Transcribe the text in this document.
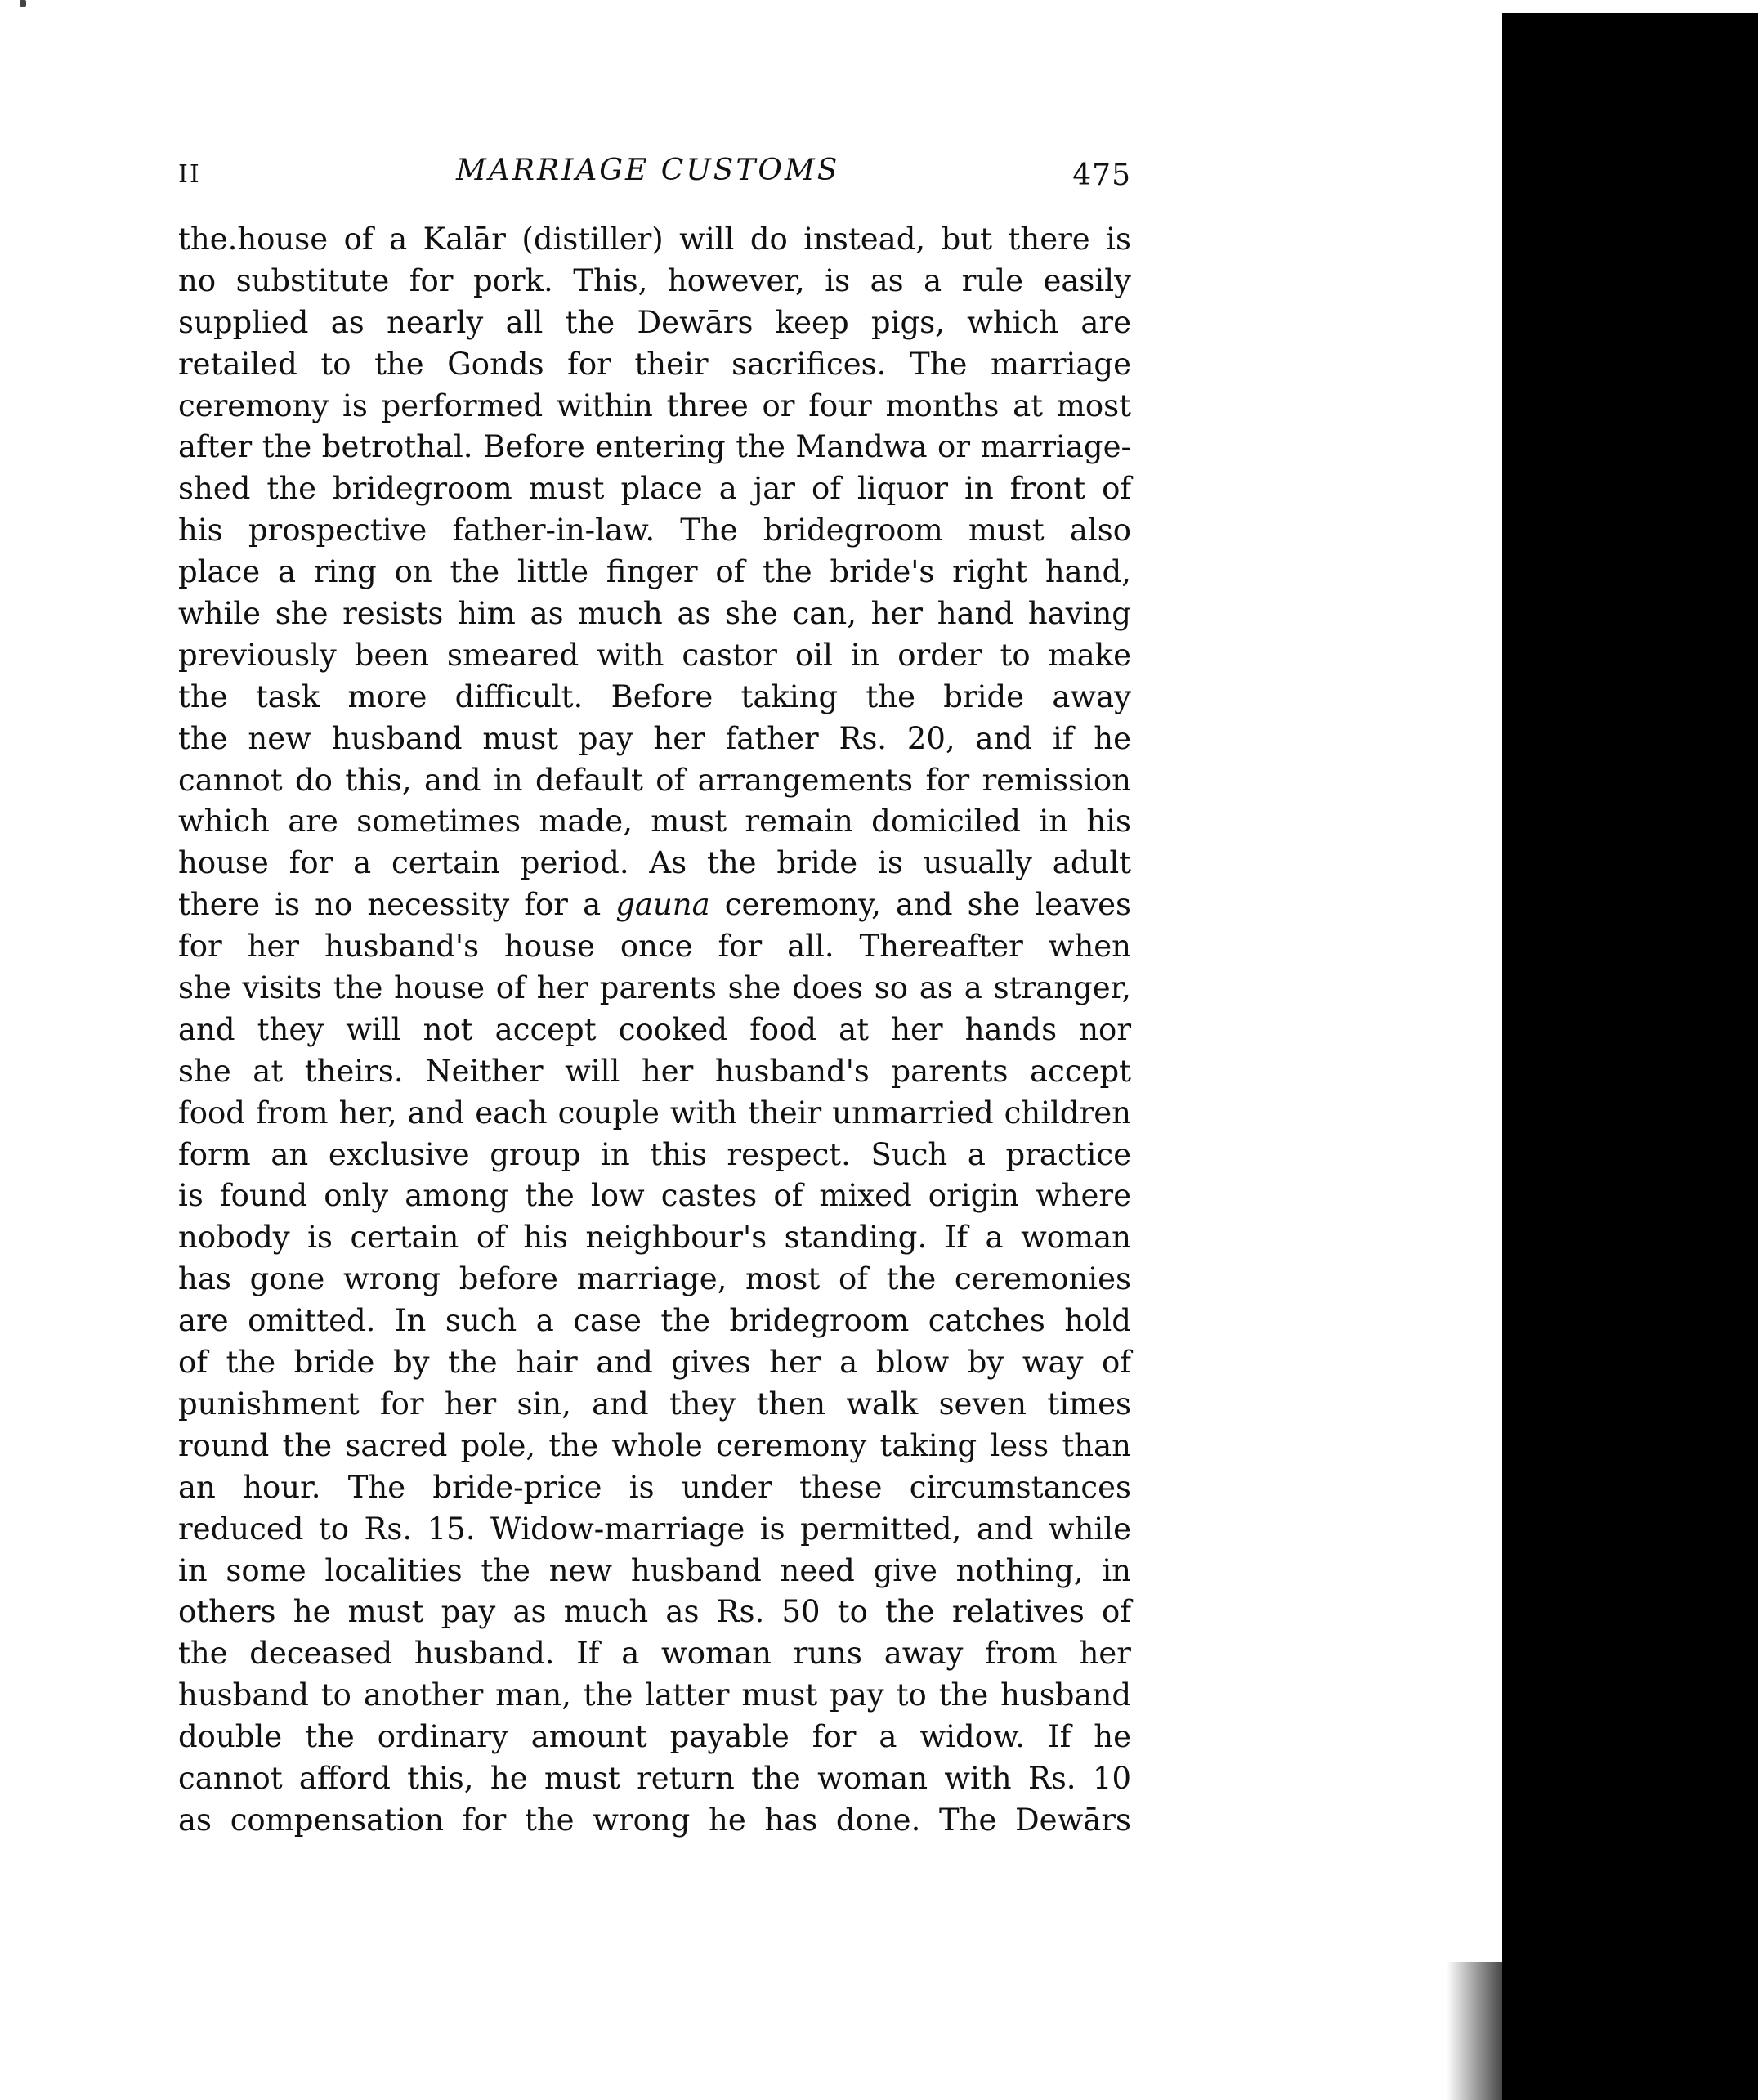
II	MARRIAGE CUSTOMS	475
the.house of a Kalār (distiller) will do instead, but there is
no substitute for pork. This, however, is as a rule easily
supplied as nearly all the Dewārs keep pigs, which are
retailed to the Gonds for their sacrifices. The marriage
ceremony is performed within three or four months at most
after the betrothal. Before entering the Mandwa or marriage-
shed the bridegroom must place a jar of liquor in front of
his prospective father-in-law. The bridegroom must also
place a ring on the little finger of the bride's right hand,
while she resists him as much as she can, her hand having
previously been smeared with castor oil in order to make
the task more difficult. Before taking the bride away
the new husband must pay her father Rs. 20, and if he
cannot do this, and in default of arrangements for remission
which are sometimes made, must remain domiciled in his
house for a certain period. As the bride is usually adult
there is no necessity for a gauna ceremony, and she leaves
for her husband's house once for all. Thereafter when
she visits the house of her parents she does so as a stranger,
and they will not accept cooked food at her hands nor
she at theirs. Neither will her husband's parents accept
food from her, and each couple with their unmarried children
form an exclusive group in this respect. Such a practice
is found only among the low castes of mixed origin where
nobody is certain of his neighbour's standing. If a woman
has gone wrong before marriage, most of the ceremonies
are omitted. In such a case the bridegroom catches hold
of the bride by the hair and gives her a blow by way of
punishment for her sin, and they then walk seven times
round the sacred pole, the whole ceremony taking less than
an hour. The bride-price is under these circumstances
reduced to Rs. 15. Widow-marriage is permitted, and while
in some localities the new husband need give nothing, in
others he must pay as much as Rs. 50 to the relatives of
the deceased husband. If a woman runs away from her
husband to another man, the latter must pay to the husband
double the ordinary amount payable for a widow. If he
cannot afford this, he must return the woman with Rs. 10
as compensation for the wrong he has done. The Dewārs
